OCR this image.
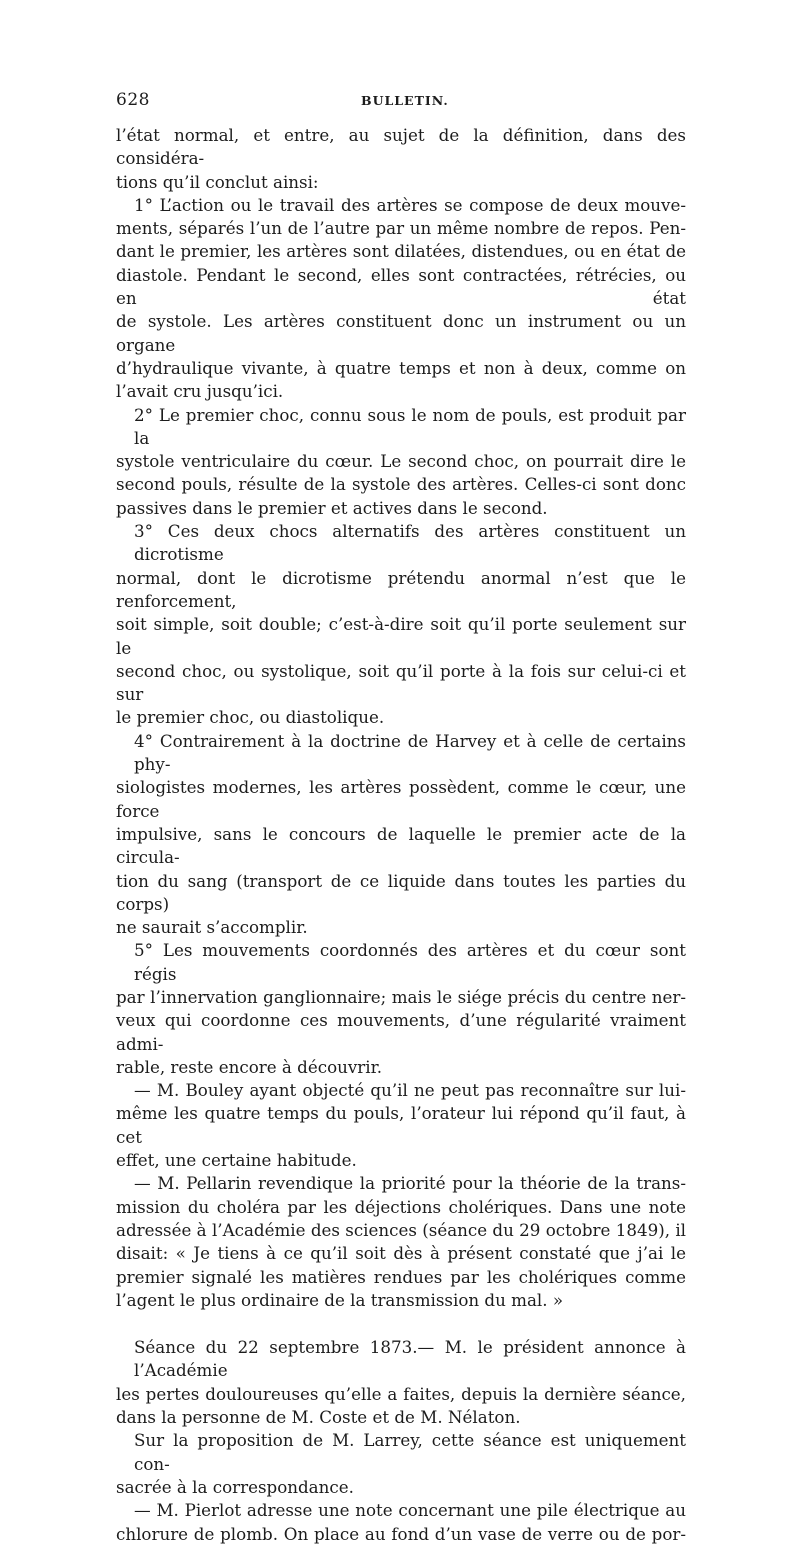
628	BULLETIN.
l’état normal, et entre, au sujet de la définition, dans des considéra-
tions qu’il conclut ainsi:
1° L’action ou le travail des artères se compose de deux mouve-
ments, séparés l’un de l’autre par un même nombre de repos. Pen-
dant le premier, les artères sont dilatées, distendues, ou en état de
diastole. Pendant le second, elles sont contractées, rétrécies, ou en état
de systole. Les artères constituent donc un instrument ou un organe
d’hydraulique vivante, à quatre temps et non à deux, comme on
l’avait cru jusqu’ici.
2° Le premier choc, connu sous le nom de pouls, est produit par la
systole ventriculaire du cœur. Le second choc, on pourrait dire le
second pouls, résulte de la systole des artères. Celles-ci sont donc
passives dans le premier et actives dans le second.
3° Ces deux chocs alternatifs des artères constituent un dicrotisme
normal, dont le dicrotisme prétendu anormal n’est que le renforcement,
soit simple, soit double; c’est-à-dire soit qu’il porte seulement sur le
second choc, ou systolique, soit qu’il porte à la fois sur celui-ci et sur
le premier choc, ou diastolique.
4° Contrairement à la doctrine de Harvey et à celle de certains phy-
siologistes modernes, les artères possèdent, comme le cœur, une force
impulsive, sans le concours de laquelle le premier acte de la circula-
tion du sang (transport de ce liquide dans toutes les parties du corps)
ne saurait s’accomplir.
5° Les mouvements coordonnés des artères et du cœur sont régis
par l’innervation ganglionnaire; mais le siége précis du centre ner-
veux qui coordonne ces mouvements, d’une régularité vraiment admi-
rable, reste encore à découvrir.
— M. Bouley ayant objecté qu’il ne peut pas reconnaître sur lui-
même les quatre temps du pouls, l’orateur lui répond qu’il faut, à cet
effet, une certaine habitude.
— M. Pellarin revendique la priorité pour la théorie de la trans-
mission du choléra par les déjections cholériques. Dans une note
adressée à l’Académie des sciences (séance du 29 octobre 1849), il
disait: « Je tiens à ce qu’il soit dès à présent constaté que j’ai le
premier signalé les matières rendues par les cholériques comme
l’agent le plus ordinaire de la transmission du mal. »
Séance du 22 septembre 1873.— M. le président annonce à l’Académie
les pertes douloureuses qu’elle a faites, depuis la dernière séance,
dans la personne de M. Coste et de M. Nélaton.
Sur la proposition de M. Larrey, cette séance est uniquement con-
sacrée à la correspondance.
— M. Pierlot adresse une note concernant une pile électrique au
chlorure de plomb. On place au fond d’un vase de verre ou de por-
